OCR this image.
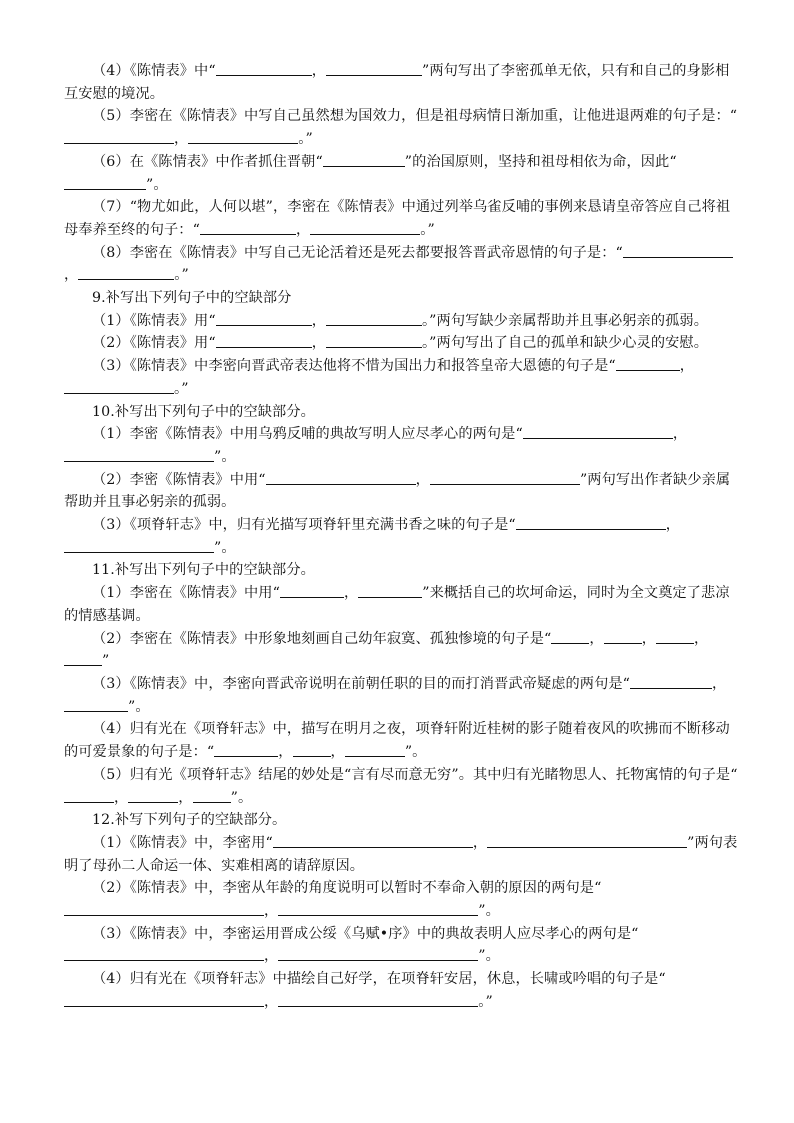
（4）《陈情表》中“	，	”两句写出了李密孤单无依，只有和自己的身影相互安慰的境况。

（5）李密在《陈情表》中写自己虽然想为国效力，但是祖母病情日渐加重，让他进退两难的句子是：“，	。”

（6）在《陈情表》中作者抓住晋朝“	”的治国原则，坚持和祖母相依为命，因此“”。

（7）“物尤如此，人何以堪”，李密在《陈情表》中通过列举乌雀反哺的事例来恳请皇帝答应自己将祖母奉养至终的句子：“	，	。”

（8）李密在《陈情表》中写自己无论活着还是死去都要报答晋武帝恩情的句子是：“，	。”

9.补写出下列句子中的空缺部分

（1）《陈情表》用“	，	。”两句写缺少亲属帮助并且事必躬亲的孤弱。

（2）《陈情表》用“	，	。”两句写出了自己的孤单和缺少心灵的安慰。

（3）《陈情表》中李密向晋武帝表达他将不惜为国出力和报答皇帝大恩德的句子是“	，。”

10.补写出下列句子中的空缺部分。

（1）李密《陈情表》中用乌鸦反哺的典故写明人应尽孝心的两句是“	，”。

（2）李密《陈情表》中用“	，	”两句写出作者缺少亲属帮助并且事必躬亲的孤弱。

（3）《项脊轩志》中，归有光描写项脊轩里充满书香之味的句子是“	，”。

11.补写出下列句子中的空缺部分。

（1）李密在《陈情表》中用“	，	”来概括自己的坎坷命运，同时为全文奠定了悲凉的情感基调。

（2）李密在《陈情表》中形象地刻画自己幼年寂寞、孤独惨境的句子是“	，	，	，”

（3）《陈情表》中，李密向晋武帝说明在前朝任职的目的而打消晋武帝疑虑的两句是“	，”。

（4）归有光在《项脊轩志》中，描写在明月之夜，项脊轩附近桂树的影子随着夜风的吹拂而不断移动的可爱景象的句子是：“	，	，	”。

（5）归有光《项脊轩志》结尾的妙处是“言有尽而意无穷”。其中归有光睹物思人、托物寓情的句子是“，	，	”。

12.补写下列句子的空缺部分。

（1）《陈情表》中，李密用“	，	”两句表明了母孙二人命运一体、实难相离的请辞原因。

（2）《陈情表》中，李密从年龄的角度说明可以暂时不奉命入朝的原因的两句是“，	”。

（3）《陈情表》中，李密运用晋成公绥《乌赋•序》中的典故表明人应尽孝心的两句是“，	”。

（4）归有光在《项脊轩志》中描绘自己好学，在项脊轩安居，休息，长啸或吟唱的句子是“，	。”
